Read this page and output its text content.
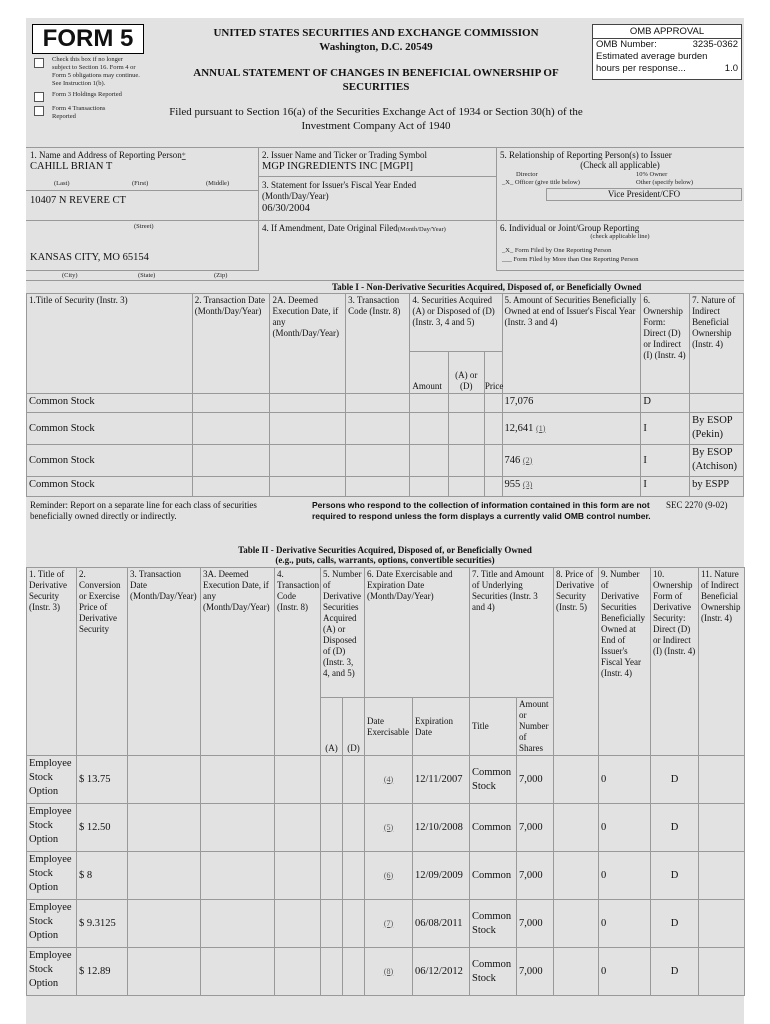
FORM 5
Check this box if no longer subject to Section 16. Form 4 or Form 5 obligations may continue. See Instruction 1(b).
Form 3 Holdings Reported
Form 4 Transactions Reported
UNITED STATES SECURITIES AND EXCHANGE COMMISSION
Washington, D.C. 20549
ANNUAL STATEMENT OF CHANGES IN BENEFICIAL OWNERSHIP OF SECURITIES
Filed pursuant to Section 16(a) of the Securities Exchange Act of 1934 or Section 30(h) of the Investment Company Act of 1940
OMB APPROVAL
OMB Number:	3235-0362
Estimated average burden
hours per response...	1.0
1. Name and Address of Reporting Person*
CAHILL BRIAN T
(Last)	(First)	(Middle)
10407 N REVERE CT
(Street)
KANSAS CITY, MO 65154
(City)	(State)	(Zip)
2. Issuer Name and Ticker or Trading Symbol
MGP INGREDIENTS INC [MGPI]
3. Statement for Issuer's Fiscal Year Ended (Month/Day/Year)
06/30/2004
4. If Amendment, Date Original Filed(Month/Day/Year)
5. Relationship of Reporting Person(s) to Issuer
(Check all applicable)
Director	10% Owner
_X_ Officer (give title below)	Other (specify below)
Vice President/CFO
6. Individual or Joint/Group Reporting
(check applicable line)
_X_ Form Filed by One Reporting Person
___ Form Filed by More than One Reporting Person
Table I - Non-Derivative Securities Acquired, Disposed of, or Beneficially Owned
1.Title of Security (Instr. 3)	2. Transaction Date (Month/Day/Year)	2A. Deemed Execution Date, if any (Month/Day/Year)	3. Transaction Code (Instr. 8)	4. Securities Acquired (A) or Disposed of (D) (Instr. 3, 4 and 5)			5. Amount of Securities Beneficially Owned at end of Issuer's Fiscal Year (Instr. 3 and 4)	6. Ownership Form: Direct (D) or Indirect (I) (Instr. 4)	7. Nature of Indirect Beneficial Ownership (Instr. 4)
				Amount	(A) or (D)	Price			
Common Stock							17,076	D	
Common Stock							12,641 (1)	I	By ESOP (Pekin)
Common Stock							746 (2)	I	By ESOP (Atchison)
Common Stock							955 (3)	I	by ESPP
Reminder: Report on a separate line for each class of securities beneficially owned directly or indirectly.
Persons who respond to the collection of information contained in this form are not required to respond unless the form displays a currently valid OMB control number.
SEC 2270 (9-02)
Table II - Derivative Securities Acquired, Disposed of, or Beneficially Owned
(e.g., puts, calls, warrants, options, convertible securities)
1. Title of Derivative Security (Instr. 3)	2. Conversion or Exercise Price of Derivative Security	3. Transaction Date (Month/Day/Year)	3A. Deemed Execution Date, if any (Month/Day/Year)	4. Transaction Code (Instr. 8)	5. Number of Derivative Securities Acquired (A) or Disposed of (D) (Instr. 3, 4, and 5)		6. Date Exercisable and Expiration Date (Month/Day/Year)		7. Title and Amount of Underlying Securities (Instr. 3 and 4)		8. Price of Derivative Security (Instr. 5)	9. Number of Derivative Securities Beneficially Owned at End of Issuer's Fiscal Year (Instr. 4)	10. Ownership Form of Derivative Security: Direct (D) or Indirect (I) (Instr. 4)	11. Nature of Indirect Beneficial Ownership (Instr. 4)
					(A)	(D)	Date Exercisable	Expiration Date	Title	Amount or Number of Shares				
Employee Stock Option	$ 13.75						(4)	12/11/2007	Common Stock	7,000		0	D	
Employee Stock Option	$ 12.50						(5)	12/10/2008	Common	7,000		0	D	
Employee Stock Option	$ 8						(6)	12/09/2009	Common	7,000		0	D	
Employee Stock Option	$ 9.3125						(7)	06/08/2011	Common Stock	7,000		0	D	
Employee Stock Option	$ 12.89						(8)	06/12/2012	Common Stock	7,000		0	D	
